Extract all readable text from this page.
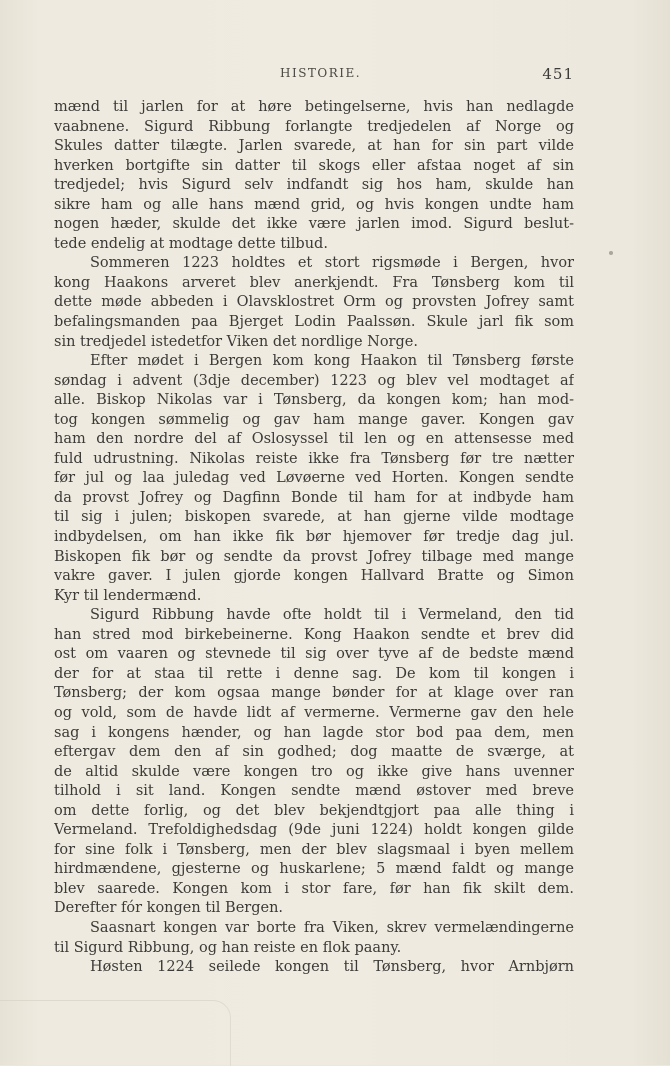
HISTORIE.	451
mænd til jarlen for at høre betingelserne, hvis han nedlagde
vaabnene. Sigurd Ribbung forlangte tredjedelen af Norge og
Skules datter tilægte. Jarlen svarede, at han for sin part vilde
hverken bortgifte sin datter til skogs eller afstaa noget af sin
tredjedel; hvis Sigurd selv indfandt sig hos ham, skulde han
sikre ham og alle hans mænd grid, og hvis kongen undte ham
nogen hæder, skulde det ikke være jarlen imod. Sigurd beslut-
tede endelig at modtage dette tilbud.
Sommeren 1223 holdtes et stort rigsmøde i Bergen, hvor
kong Haakons arveret blev anerkjendt. Fra Tønsberg kom til
dette møde abbeden i Olavsklostret Orm og provsten Jofrey samt
befalingsmanden paa Bjerget Lodin Paalssøn. Skule jarl fik som
sin tredjedel istedetfor Viken det nordlige Norge.
Efter mødet i Bergen kom kong Haakon til Tønsberg første
søndag i advent (3dje december) 1223 og blev vel modtaget af
alle. Biskop Nikolas var i Tønsberg, da kongen kom; han mod-
tog kongen sømmelig og gav ham mange gaver. Kongen gav
ham den nordre del af Oslosyssel til len og en attensesse med
fuld udrustning. Nikolas reiste ikke fra Tønsberg før tre nætter
før jul og laa juledag ved Løvøerne ved Horten. Kongen sendte
da provst Jofrey og Dagfinn Bonde til ham for at indbyde ham
til sig i julen; biskopen svarede, at han gjerne vilde modtage
indbydelsen, om han ikke fik bør hjemover før tredje dag jul.
Biskopen fik bør og sendte da provst Jofrey tilbage med mange
vakre gaver. I julen gjorde kongen Hallvard Bratte og Simon
Kyr til lendermænd.
Sigurd Ribbung havde ofte holdt til i Vermeland, den tid
han stred mod birkebeinerne. Kong Haakon sendte et brev did
ost om vaaren og stevnede til sig over tyve af de bedste mænd
der for at staa til rette i denne sag. De kom til kongen i
Tønsberg; der kom ogsaa mange bønder for at klage over ran
og vold, som de havde lidt af vermerne. Vermerne gav den hele
sag i kongens hænder, og han lagde stor bod paa dem, men
eftergav dem den af sin godhed; dog maatte de sværge, at
de altid skulde være kongen tro og ikke give hans uvenner
tilhold i sit land. Kongen sendte mænd østover med breve
om dette forlig, og det blev bekjendtgjort paa alle thing i
Vermeland. Trefoldighedsdag (9de juni 1224) holdt kongen gilde
for sine folk i Tønsberg, men der blev slagsmaal i byen mellem
hirdmændene, gjesterne og huskarlene; 5 mænd faldt og mange
blev saarede. Kongen kom i stor fare, før han fik skilt dem.
Derefter fór kongen til Bergen.
Saasnart kongen var borte fra Viken, skrev vermelændingerne
til Sigurd Ribbung, og han reiste en flok paany.
Høsten 1224 seilede kongen til Tønsberg, hvor Arnbjørn
